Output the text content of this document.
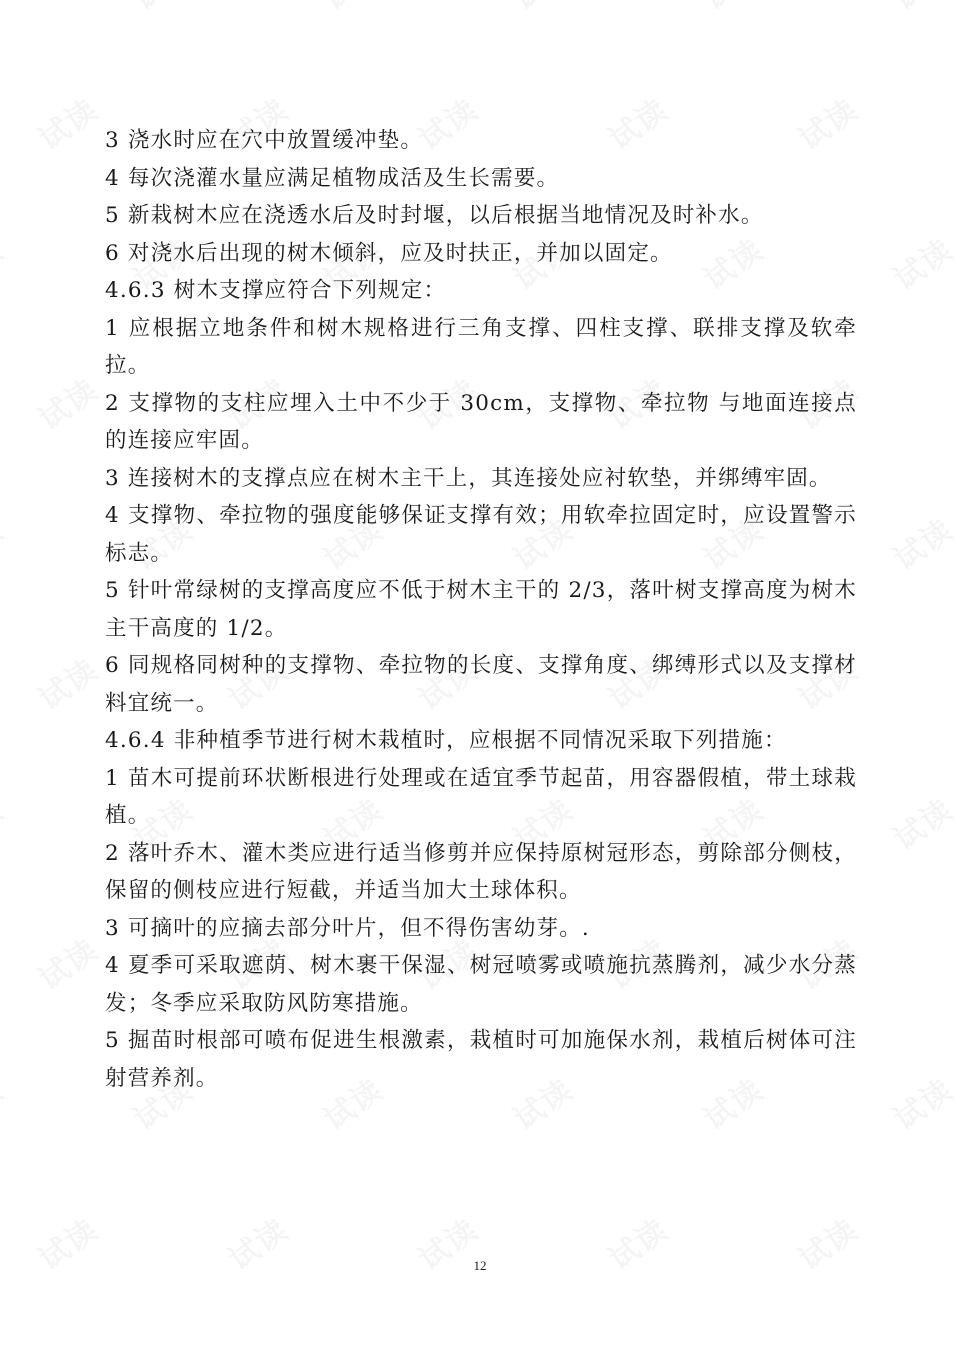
3 浇水时应在穴中放置缓冲垫。

4 每次浇灌水量应满足植物成活及生长需要。

5 新栽树木应在浇透水后及时封堰，以后根据当地情况及时补水。

6 对浇水后出现的树木倾斜，应及时扶正，并加以固定。

4.6.3 树木支撑应符合下列规定：

1 应根据立地条件和树木规格进行三角支撑、四柱支撑、联排支撑及软牵拉。

2 支撑物的支柱应埋入土中不少于 30cm，支撑物、牵拉物 与地面连接点的连接应牢固。

3 连接树木的支撑点应在树木主干上，其连接处应衬软垫，并绑缚牢固。

4 支撑物、牵拉物的强度能够保证支撑有效；用软牵拉固定时，应设置警示标志。

5 针叶常绿树的支撑高度应不低于树木主干的 2/3，落叶树支撑高度为树木主干高度的 1/2。

6 同规格同树种的支撑物、牵拉物的长度、支撑角度、绑缚形式以及支撑材料宜统一。

4.6.4 非种植季节进行树木栽植时，应根据不同情况采取下列措施：

1 苗木可提前环状断根进行处理或在适宜季节起苗，用容器假植，带土球栽植。

2 落叶乔木、灌木类应进行适当修剪并应保持原树冠形态，剪除部分侧枝，保留的侧枝应进行短截，并适当加大土球体积。

3 可摘叶的应摘去部分叶片，但不得伤害幼芽。.

4 夏季可采取遮荫、树木裹干保湿、树冠喷雾或喷施抗蒸腾剂，减少水分蒸发；冬季应采取防风防寒措施。

5 掘苗时根部可喷布促进生根激素，栽植时可加施保水剂，栽植后树体可注射营养剂。

12
